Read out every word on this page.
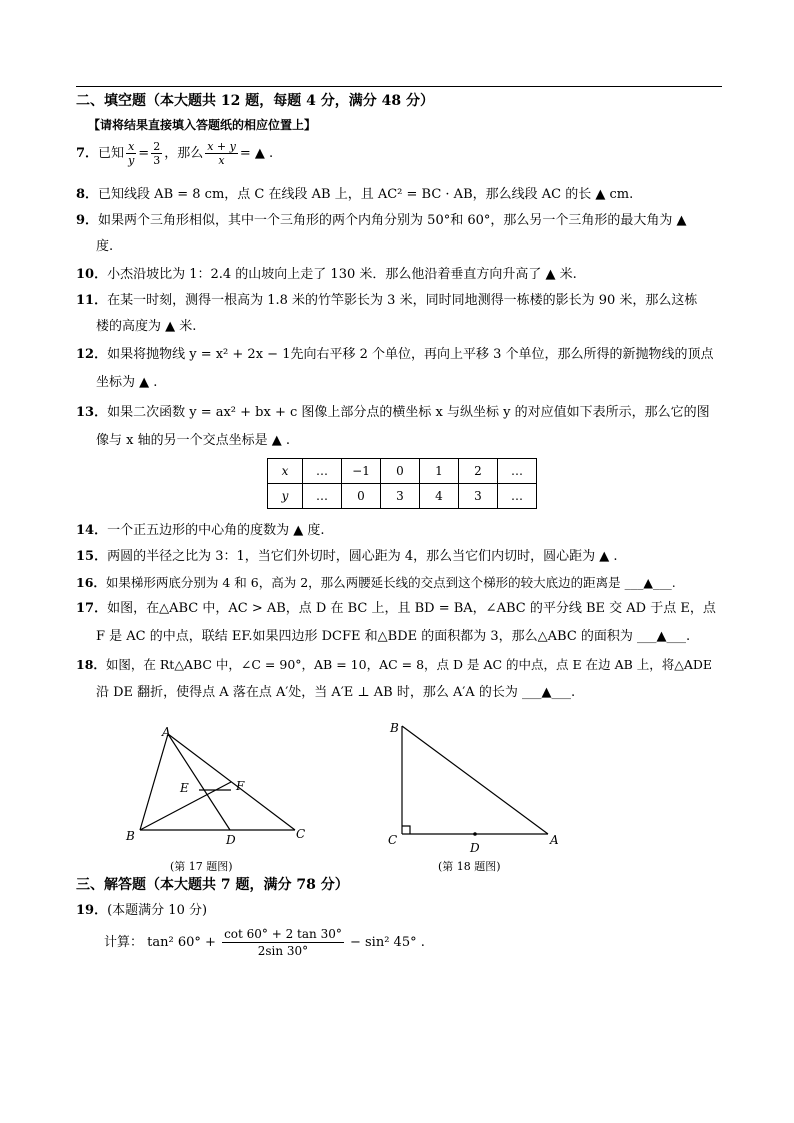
二、填空题（本大题共 12 题，每题 4 分，满分 48 分）
【请将结果直接填入答题纸的相应位置上】
7．已知 $\frac{x}{y} = \frac{2}{3}$ ，那么 $\frac{x + y}{x}$ = ▲ .
8．已知线段 AB = 8 cm，点 C 在线段 AB 上，且 AC² = BC · AB，那么线段 AC 的长 ▲ cm.
9．如果两个三角形相似，其中一个三角形的两个内角分别为 50°和 60°，那么另一个三角形的最大角为 ▲
度.
10．小杰沿坡比为 1：2.4 的山坡向上走了 130 米．那么他沿着垂直方向升高了 ▲ 米.
11．在某一时刻，测得一根高为 1.8 米的竹竿影长为 3 米，同时同地测得一栋楼的影长为 90 米，那么这栋
楼的高度为 ▲ 米.
12．如果将抛物线 y = x² + 2x − 1先向右平移 2 个单位，再向上平移 3 个单位，那么所得的新抛物线的顶点
坐标为 ▲ .
13．如果二次函数 y = ax² + bx + c 图像上部分点的横坐标 x 与纵坐标 y 的对应值如下表所示，那么它的图
像与 x 轴的另一个交点坐标是 ▲ .
x	…	−1	0	1	2	…
y	…	0	3	4	3	…
14．一个正五边形的中心角的度数为 ▲ 度.
15．两圆的半径之比为 3：1，当它们外切时，圆心距为 4，那么当它们内切时，圆心距为 ▲ .
16．如果梯形两底分别为 4 和 6，高为 2，那么两腰延长线的交点到这个梯形的较大底边的距离是 ___▲___.
17．如图，在△ABC 中，AC > AB，点 D 在 BC 上，且 BD = BA，∠ABC 的平分线 BE 交 AD 于点 E，点
F 是 AC 的中点，联结 EF.如果四边形 DCFE 和△BDE 的面积都为 3，那么△ABC 的面积为 ___▲___.
18．如图，在 Rt△ABC 中，∠C = 90°，AB = 10，AC = 8，点 D 是 AC 的中点，点 E 在边 AB 上，将△ADE
沿 DE 翻折，使得点 A 落在点 A′处，当 A′E ⊥ AB 时，那么 A′A 的长为 ___▲___.
A
B	C
D
E	F
(第 17 题图)
B
C	A
D
(第 18 题图)
三、解答题（本大题共 7 题，满分 78 分）
19．(本题满分 10 分)
计算： tan² $60^\circ + \frac{\cot 60^\circ + 2 \tan 30^\circ}{2\sin 30^\circ} - \sin^2$ 45° .
